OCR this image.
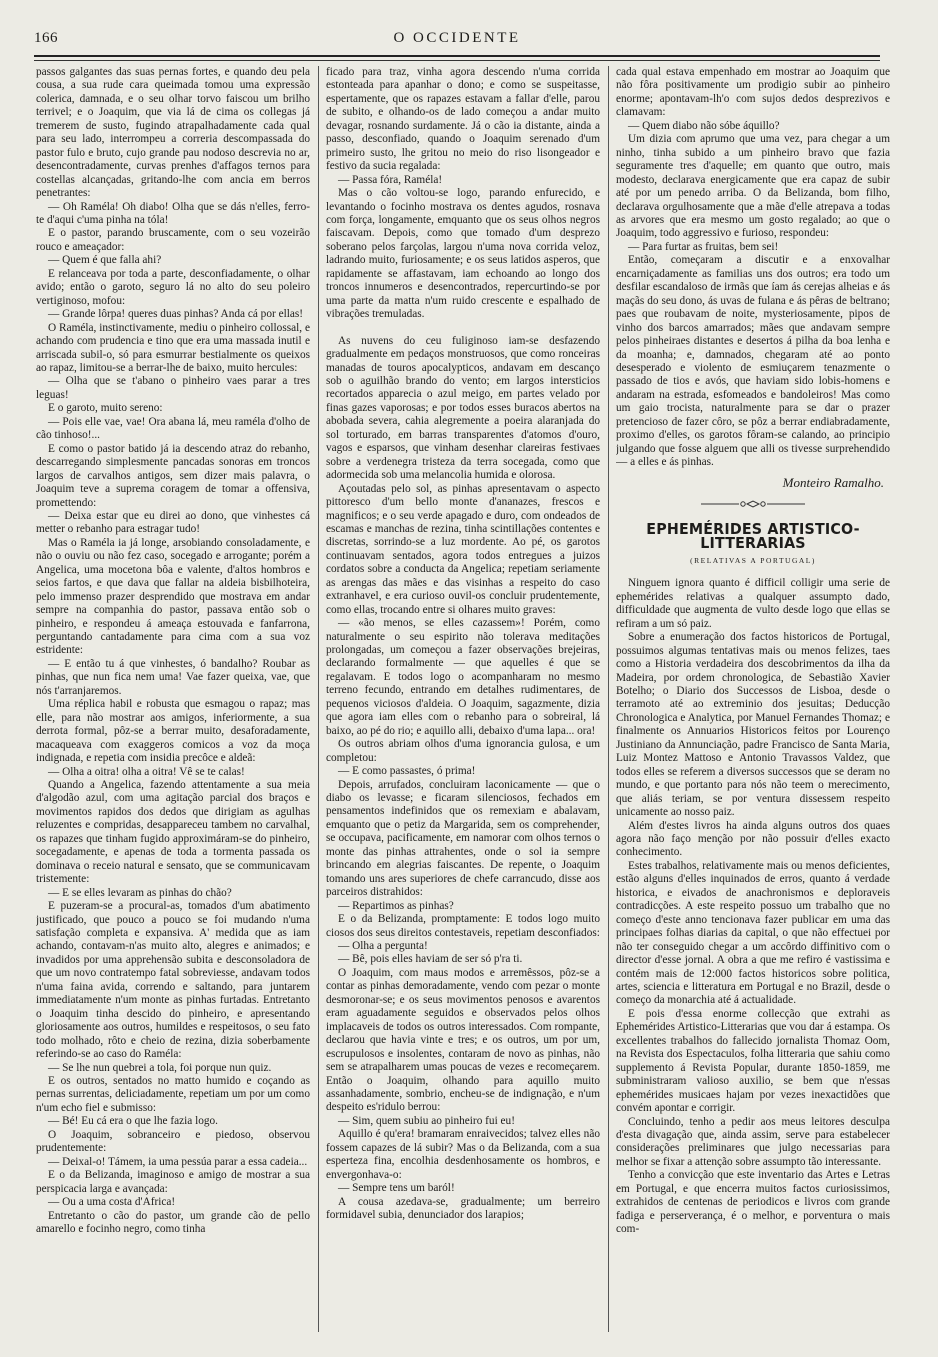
166	O OCCIDENTE

passos galgantes das suas pernas fortes, e quando deu pela cousa, a sua rude cara queimada tomou uma expressão colerica, damnada, e o seu olhar torvo faiscou um brilho terrivel; e o Joaquim, que via lá de cima os collegas já tremerem de susto, fugindo atrapalhadamente cada qual para seu lado, interrompeu a correria descompassada do pastor fulo e bruto, cujo grande pau nodoso descrevia no ar, desencontradamente, curvas prenhes d'affagos ternos para costellas alcançadas, gritando-lhe com ancia em berros penetrantes:

— Oh Raméla! Oh diabo! Olha que se dás n'elles, ferro-te d'aqui c'uma pinha na tóla!

E o pastor, parando bruscamente, com o seu vozeirão rouco e ameaçador:

— Quem é que falla ahi?

E relanceava por toda a parte, desconfiadamente, o olhar avido; então o garoto, seguro lá no alto do seu poleiro vertiginoso, mofou:

— Grande lôrpa! queres duas pinhas? Anda cá por ellas!

O Raméla, instinctivamente, mediu o pinheiro collossal, e achando com prudencia e tino que era uma massada inutil e arriscada subil-o, só para esmurrar bestialmente os queixos ao rapaz, limitou-se a berrar-lhe de baixo, muito hercules:

— Olha que se t'abano o pinheiro vaes parar a tres leguas!

E o garoto, muito sereno:

— Pois elle vae, vae! Ora abana lá, meu raméla d'olho de cão tinhoso!...

E como o pastor batido já ia descendo atraz do rebanho, descarregando simplesmente pancadas sonoras em troncos largos de carvalhos antigos, sem dizer mais palavra, o Joaquim teve a suprema coragem de tomar a offensiva, promettendo:

— Deixa estar que eu direi ao dono, que vinhestes cá metter o rebanho para estragar tudo!

Mas o Raméla ia já longe, arsobiando consoladamente, e não o ouviu ou não fez caso, socegado e arrogante; porém a Angelica, uma mocetona bôa e valente, d'altos hombros e seios fartos, e que dava que fallar na aldeia bisbilhoteira, pelo immenso prazer desprendido que mostrava em andar sempre na companhia do pastor, passava então sob o pinheiro, e respondeu á ameaça estouvada e fanfarrona, perguntando cantadamente para cima com a sua voz estridente:

— E então tu á que vinhestes, ó bandalho? Roubar as pinhas, que nun fica nem uma! Vae fazer queixa, vae, que nós t'arranjaremos.

Uma réplica habil e robusta que esmagou o rapaz; mas elle, para não mostrar aos amigos, inferiormente, a sua derrota formal, pôz-se a berrar muito, desaforadamente, macaqueava com exaggeros comicos a voz da moça indignada, e repetia com insidia precôce e aldeã:

— Olha a oitra! olha a oitra! Vê se te calas!

Quando a Angelica, fazendo attentamente a sua meia d'algodão azul, com uma agitação parcial dos braços e movimentos rapidos dos dedos que dirigiam as agulhas reluzentes e compridas, desappareceu tambem no carvalhal, os rapazes que tinham fugido approximáram-se do pinheiro, socegadamente, e apenas de toda a tormenta passada os dominava o receio natural e sensato, que se communicavam tristemente:

— E se elles levaram as pinhas do chão?

E puzeram-se a procural-as, tomados d'um abatimento justificado, que pouco a pouco se foi mudando n'uma satisfação completa e expansiva. A' medida que as iam achando, contavam-n'as muito alto, alegres e animados; e invadidos por uma apprehensão subita e desconsoladora de que um novo contratempo fatal sobreviesse, andavam todos n'uma faina avida, correndo e saltando, para juntarem immediatamente n'um monte as pinhas furtadas. Entretanto o Joaquim tinha descido do pinheiro, e apresentando gloriosamente aos outros, humildes e respeitosos, o seu fato todo molhado, rôto e cheio de rezina, dizia soberbamente referindo-se ao caso do Raméla:

— Se lhe nun quebrei a tola, foi porque nun quiz.

E os outros, sentados no matto humido e coçando as pernas surrentas, deliciadamente, repetiam um por um como n'um echo fiel e submisso:

— Bé! Eu cá era o que lhe fazia logo.

O Joaquim, sobranceiro e piedoso, observou prudentemente:

— Deixal-o! Támem, ia uma pessúa parar a essa cadeia...

E o da Belizanda, imaginoso e amigo de mostrar a sua perspicacia larga e avançada:

— Ou a uma costa d'Africa!

Entretanto o cão do pastor, um grande cão de pello amarello e focinho negro, como tinha

ficado para traz, vinha agora descendo n'uma corrida estonteada para apanhar o dono; e como se suspeitasse, espertamente, que os rapazes estavam a fallar d'elle, parou de subito, e olhando-os de lado começou a andar muito devagar, rosnando surdamente. Já o cão ia distante, ainda a passo, desconfiado, quando o Joaquim serenado d'um primeiro susto, lhe gritou no meio do riso lisongeador e festivo da sucia regalada:

— Passa fóra, Raméla!

Mas o cão voltou-se logo, parando enfurecido, e levantando o focinho mostrava os dentes agudos, rosnava com força, longamente, emquanto que os seus olhos negros faiscavam. Depois, como que tomado d'um desprezo soberano pelos farçolas, largou n'uma nova corrida veloz, ladrando muito, furiosamente; e os seus latidos asperos, que rapidamente se affastavam, iam echoando ao longo dos troncos innumeros e desencontrados, repercurtindo-se por uma parte da matta n'um ruido crescente e espalhado de vibrações tremuladas.

As nuvens do ceu fuliginoso iam-se desfazendo gradualmente em pedaços monstruosos, que como ronceiras manadas de touros apocalypticos, andavam em descanço sob o aguilhão brando do vento; em largos intersticios recortados apparecia o azul meigo, em partes velado por finas gazes vaporosas; e por todos esses buracos abertos na abobada severa, cahia alegremente a poeira alaranjada do sol torturado, em barras transparentes d'atomos d'ouro, vagos e esparsos, que vinham desenhar clareiras festivaes sobre a verdenegra tristeza da terra socegada, como que adormecida sob uma melancolia humida e olorosa.

Açoutadas pelo sol, as pinhas apresentavam o aspecto pittoresco d'um bello monte d'ananazes, frescos e magnificos; e o seu verde apagado e duro, com ondeados de escamas e manchas de rezina, tinha scintillações contentes e discretas, sorrindo-se a luz mordente. Ao pé, os garotos continuavam sentados, agora todos entregues a juizos cordatos sobre a conducta da Angelica; repetiam seriamente as arengas das mães e das visinhas a respeito do caso extranhavel, e era curioso ouvil-os concluir prudentemente, como ellas, trocando entre si olhares muito graves:

— «ão menos, se elles cazassem»! Porém, como naturalmente o seu espirito não tolerava meditações prolongadas, um começou a fazer observações brejeiras, declarando formalmente — que aquelles é que se regalavam. E todos logo o acompanharam no mesmo terreno fecundo, entrando em detalhes rudimentares, de pequenos viciosos d'aldeia. O Joaquim, sagazmente, dizia que agora iam elles com o rebanho para o sobreiral, lá baixo, ao pé do rio; e aquillo alli, debaixo d'uma lapa... ora!

Os outros abriam olhos d'uma ignorancia gulosa, e um completou:

— E como passastes, ó prima!

Depois, arrufados, concluiram laconicamente — que o diabo os levasse; e ficaram silenciosos, fechados em pensamentos indefinidos que os remexiam e abalavam, emquanto que o petiz da Margarida, sem os comprehender, se occupava, pacificamente, em namorar com olhos ternos o monte das pinhas attrahentes, onde o sol ia sempre brincando em alegrias faiscantes. De repente, o Joaquim tomando uns ares superiores de chefe carrancudo, disse aos parceiros distrahidos:

— Repartimos as pinhas?

E o da Belizanda, promptamente: E todos logo muito ciosos dos seus direitos contestaveis, repetiam desconfiados:

— Olha a pergunta!

— Bê, pois elles haviam de ser só p'ra ti.

O Joaquim, com maus modos e arremêssos, pôz-se a contar as pinhas demoradamente, vendo com pezar o monte desmoronar-se; e os seus movimentos penosos e avarentos eram aguadamente seguidos e observados pelos olhos implacaveis de todos os outros interessados. Com rompante, declarou que havia vinte e tres; e os outros, um por um, escrupulosos e insolentes, contaram de novo as pinhas, não sem se atrapalharem umas poucas de vezes e recomeçarem. Então o Joaquim, olhando para aquillo muito assanhadamente, sombrio, encheu-se de indignação, e n'um despeito es'ridulo berrou:

— Sim, quem subiu ao pinheiro fui eu!

Aquillo é qu'era! bramaram enraivecidos; talvez elles não fossem capazes de lá subir? Mas o da Belizanda, com a sua esperteza fina, encolhia desdenhosamente os hombros, e envergonhava-o:

— Sempre tens um baról!

A cousa azedava-se, gradualmente; um berreiro formidavel subia, denunciador dos larapios;

cada qual estava empenhado em mostrar ao Joaquim que não fôra positivamente um prodigio subir ao pinheiro enorme; apontavam-lh'o com sujos dedos desprezivos e clamavam:

— Quem diabo não sóbe áquillo?

Um dizia com aprumo que uma vez, para chegar a um ninho, tinha subido a um pinheiro bravo que fazia seguramente tres d'aquelle; em quanto que outro, mais modesto, declarava energicamente que era capaz de subir até por um penedo arriba. O da Belizanda, bom filho, declarava orgulhosamente que a mãe d'elle atrepava a todas as arvores que era mesmo um gosto regalado; ao que o Joaquim, todo aggressivo e furioso, respondeu:

— Para furtar as fruitas, bem sei!

Então, começaram a discutir e a enxovalhar encarniçadamente as familias uns dos outros; era todo um desfilar escandaloso de irmãs que íam ás cerejas alheias e ás maçãs do seu dono, ás uvas de fulana e ás pêras de beltrano; paes que roubavam de noite, mysteriosamente, pipos de vinho dos barcos amarrados; mães que andavam sempre pelos pinheiraes distantes e desertos á pilha da boa lenha e da moanha; e, damnados, chegaram até ao ponto desesperado e violento de esmiuçarem tenazmente o passado de tios e avós, que haviam sido lobis-homens e andaram na estrada, esfomeados e bandoleiros! Mas como um gaio trocista, naturalmente para se dar o prazer pretencioso de fazer côro, se pôz a berrar endiabradamente, proximo d'elles, os garotos fôram-se calando, ao principio julgando que fosse alguem que alli os tivesse surprehendido — a elles e ás pinhas.

Monteiro Ramalho.

EPHEMÉRIDES ARTISTICO-LITTERARIAS
(RELATIVAS A PORTUGAL)

Ninguem ignora quanto é difficil colligir uma serie de ephemérides relativas a qualquer assumpto dado, difficuldade que augmenta de vulto desde logo que ellas se refiram a um só paiz.

Sobre a enumeração dos factos historicos de Portugal, possuimos algumas tentativas mais ou menos felizes, taes como a Historia verdadeira dos descobrimentos da ilha da Madeira, por ordem chronologica, de Sebastião Xavier Botelho; o Diario dos Successos de Lisboa, desde o terramoto até ao extreminio dos jesuitas; Deducção Chronologica e Analytica, por Manuel Fernandes Thomaz; e finalmente os Annuarios Historicos feitos por Lourenço Justiniano da Annunciação, padre Francisco de Santa Maria, Luiz Montez Mattoso e Antonio Travassos Valdez, que todos elles se referem a diversos successos que se deram no mundo, e que portanto para nós não teem o merecimento, que aliás teriam, se por ventura dissessem respeito unicamente ao nosso paiz.

Além d'estes livros ha ainda alguns outros dos quaes agora não faço menção por não possuir d'elles exacto conhecimento.

Estes trabalhos, relativamente mais ou menos deficientes, estão alguns d'elles inquinados de erros, quanto á verdade historica, e eivados de anachronismos e deploraveis contradicções. A este respeito possuo um trabalho que no começo d'este anno tencionava fazer publicar em uma das principaes folhas diarias da capital, o que não effectuei por não ter conseguido chegar a um accôrdo diffinitivo com o director d'esse jornal. A obra a que me refiro é vastissima e contém mais de 12:000 factos historicos sobre politica, artes, sciencia e litteratura em Portugal e no Brazil, desde o começo da monarchia até á actualidade.

E pois d'essa enorme collecção que extrahi as Ephemérides Artistico-Litterarias que vou dar á estampa. Os excellentes trabalhos do fallecido jornalista Thomaz Oom, na Revista dos Espectaculos, folha litteraria que sahiu como supplemento á Revista Popular, durante 1850-1859, me subministraram valioso auxilio, se bem que n'essas ephemérides musicaes hajam por vezes inexactidões que convém apontar e corrigir.

Concluindo, tenho a pedir aos meus leitores desculpa d'esta divagação que, ainda assim, serve para estabelecer considerações preliminares que julgo necessarias para melhor se fixar a attenção sobre assumpto tão interessante.

Tenho a convicção que este inventario das Artes e Letras em Portugal, e que encerra muitos factos curiosissimos, extrahidos de centenas de periodicos e livros com grande fadiga e perserverança, é o melhor, e porventura o mais com-
